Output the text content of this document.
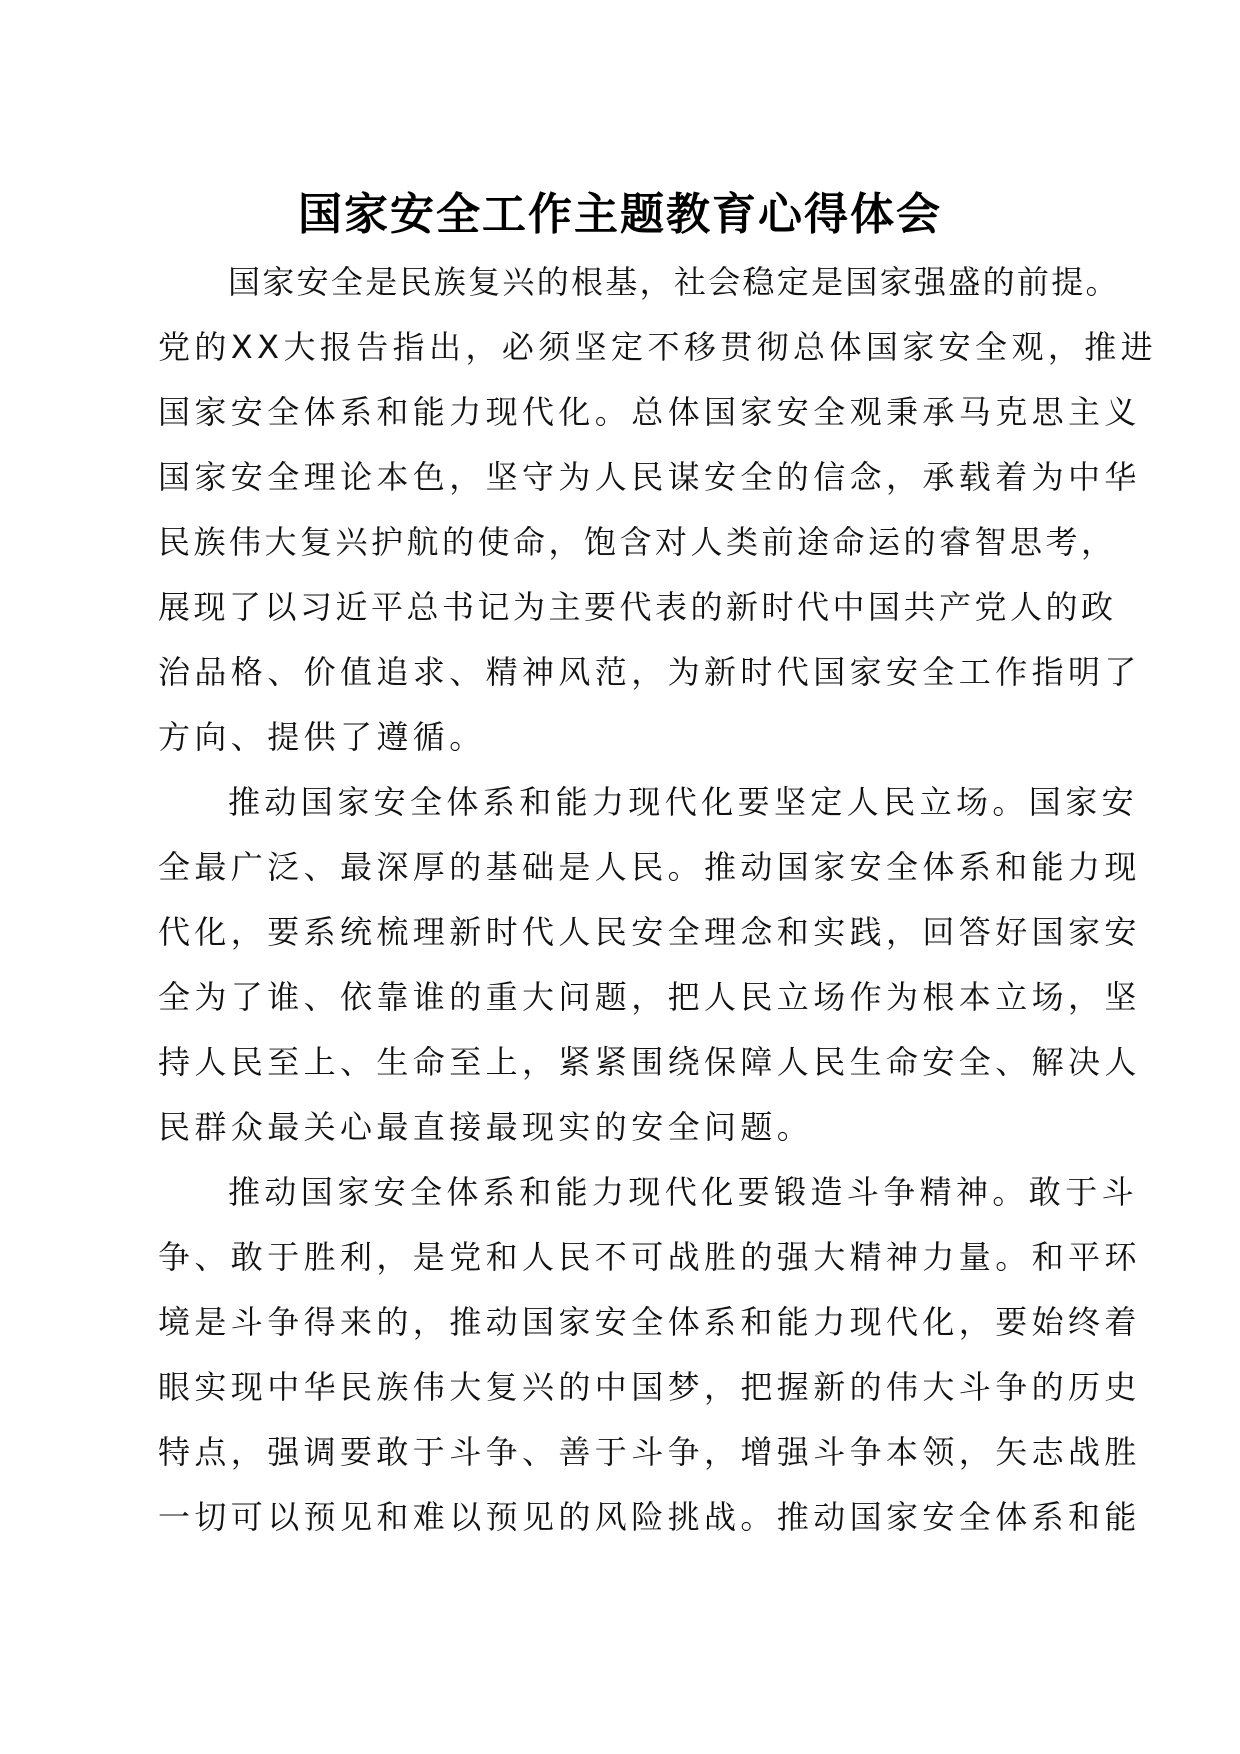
国家安全工作主题教育心得体会
国家安全是民族复兴的根基，社会稳定是国家强盛的前提。
党的XX大报告指出，必须坚定不移贯彻总体国家安全观，推进
国家安全体系和能力现代化。总体国家安全观秉承马克思主义
国家安全理论本色，坚守为人民谋安全的信念，承载着为中华
民族伟大复兴护航的使命，饱含对人类前途命运的睿智思考，
展现了以习近平总书记为主要代表的新时代中国共产党人的政
治品格、价值追求、精神风范，为新时代国家安全工作指明了
方向、提供了遵循。
推动国家安全体系和能力现代化要坚定人民立场。国家安
全最广泛、最深厚的基础是人民。推动国家安全体系和能力现
代化，要系统梳理新时代人民安全理念和实践，回答好国家安
全为了谁、依靠谁的重大问题，把人民立场作为根本立场，坚
持人民至上、生命至上，紧紧围绕保障人民生命安全、解决人
民群众最关心最直接最现实的安全问题。
推动国家安全体系和能力现代化要锻造斗争精神。敢于斗
争、敢于胜利，是党和人民不可战胜的强大精神力量。和平环
境是斗争得来的，推动国家安全体系和能力现代化，要始终着
眼实现中华民族伟大复兴的中国梦，把握新的伟大斗争的历史
特点，强调要敢于斗争、善于斗争，增强斗争本领，矢志战胜
一切可以预见和难以预见的风险挑战。推动国家安全体系和能
